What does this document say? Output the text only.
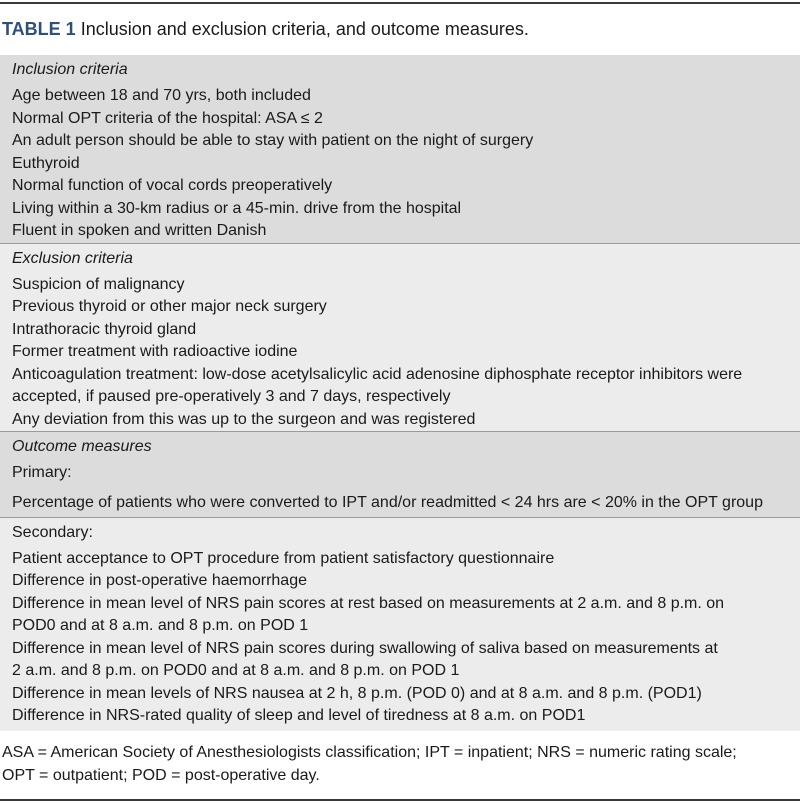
TABLE 1 Inclusion and exclusion criteria, and outcome measures.
Inclusion criteria
Age between 18 and 70 yrs, both included
Normal OPT criteria of the hospital: ASA ≤ 2
An adult person should be able to stay with patient on the night of surgery
Euthyroid
Normal function of vocal cords preoperatively
Living within a 30-km radius or a 45-min. drive from the hospital
Fluent in spoken and written Danish
Exclusion criteria
Suspicion of malignancy
Previous thyroid or other major neck surgery
Intrathoracic thyroid gland
Former treatment with radioactive iodine
Anticoagulation treatment: low-dose acetylsalicylic acid adenosine diphosphate receptor inhibitors were
accepted, if paused pre-operatively 3 and 7 days, respectively
Any deviation from this was up to the surgeon and was registered
Outcome measures
Primary:
Percentage of patients who were converted to IPT and/or readmitted < 24 hrs are < 20% in the OPT group
Secondary:
Patient acceptance to OPT procedure from patient satisfactory questionnaire
Difference in post-operative haemorrhage
Difference in mean level of NRS pain scores at rest based on measurements at 2 a.m. and 8 p.m. on
POD0 and at 8 a.m. and 8 p.m. on POD 1
Difference in mean level of NRS pain scores during swallowing of saliva based on measurements at
2 a.m. and 8 p.m. on POD0 and at 8 a.m. and 8 p.m. on POD 1
Difference in mean levels of NRS nausea at 2 h, 8 p.m. (POD 0) and at 8 a.m. and 8 p.m. (POD1)
Difference in NRS-rated quality of sleep and level of tiredness at 8 a.m. on POD1
ASA = American Society of Anesthesiologists classification; IPT = inpatient; NRS = numeric rating scale;
OPT = outpatient; POD = post-operative day.
